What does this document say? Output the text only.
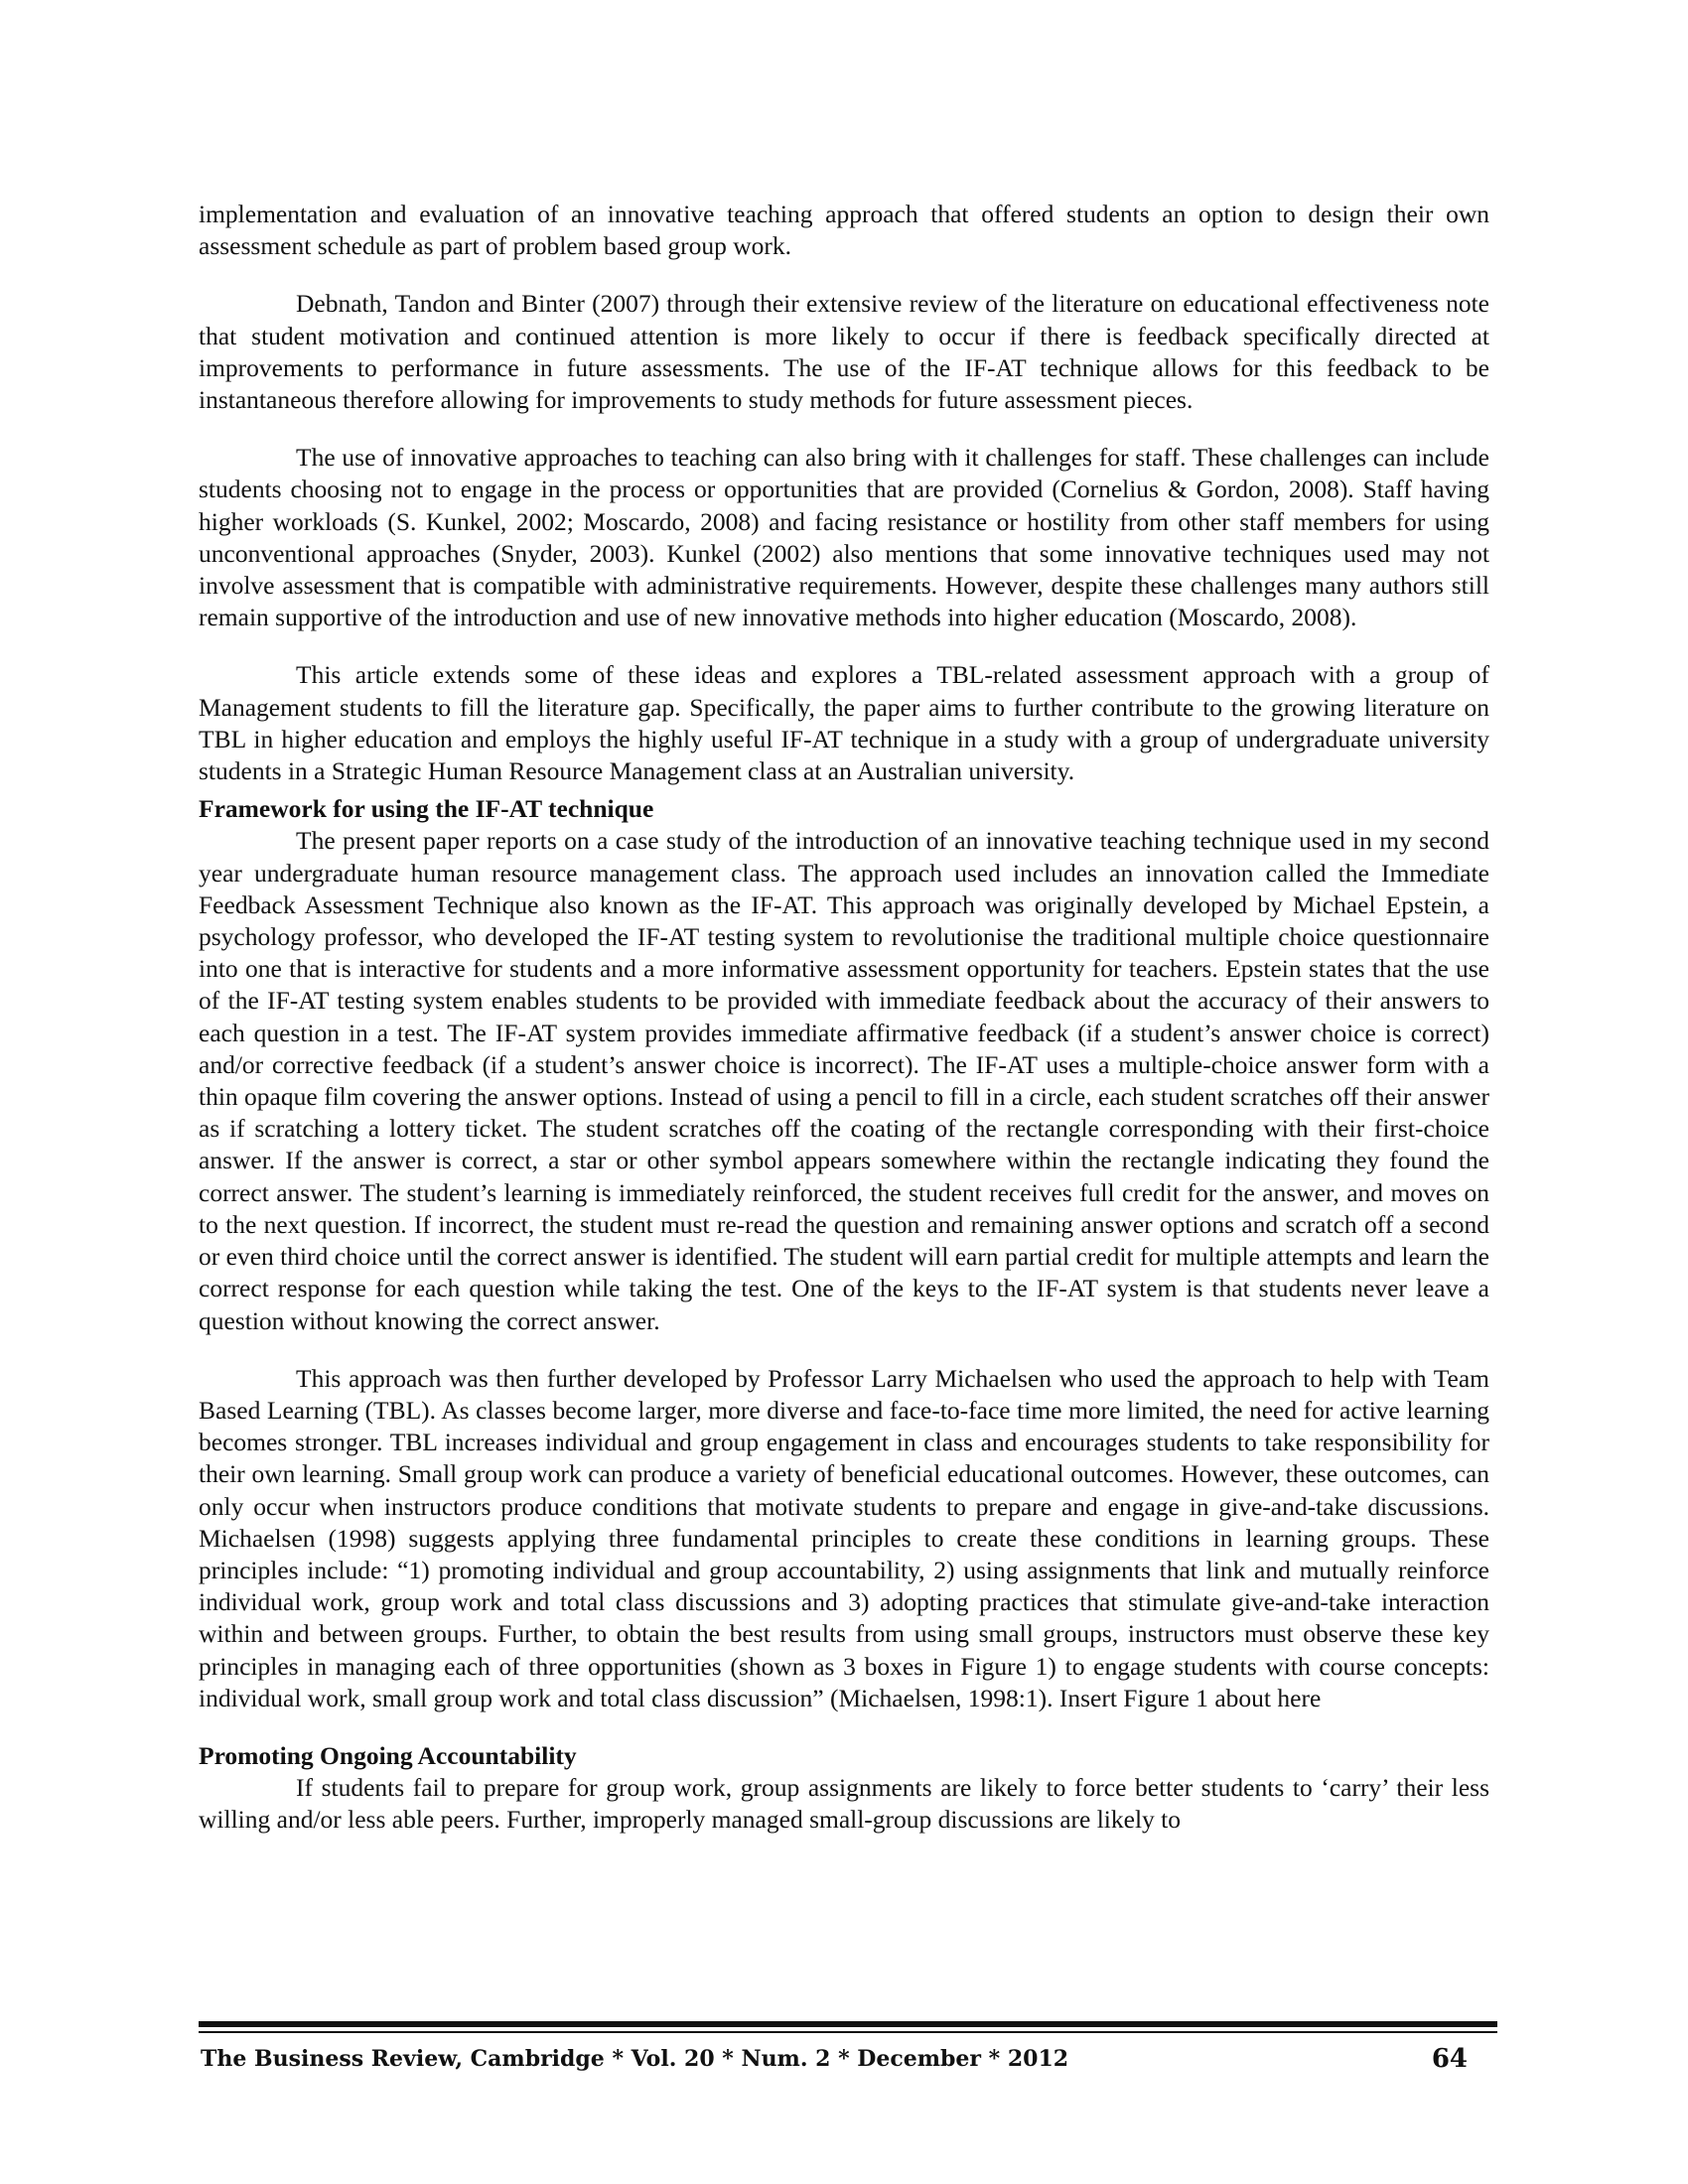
implementation and evaluation of an innovative teaching approach that offered students an option to design their own assessment schedule as part of problem based group work.

Debnath, Tandon and Binter (2007) through their extensive review of the literature on educational effectiveness note that student motivation and continued attention is more likely to occur if there is feedback specifically directed at improvements to performance in future assessments. The use of the IF-AT technique allows for this feedback to be instantaneous therefore allowing for improvements to study methods for future assessment pieces.

The use of innovative approaches to teaching can also bring with it challenges for staff. These challenges can include students choosing not to engage in the process or opportunities that are provided (Cornelius & Gordon, 2008). Staff having higher workloads (S. Kunkel, 2002; Moscardo, 2008) and facing resistance or hostility from other staff members for using unconventional approaches (Snyder, 2003). Kunkel (2002) also mentions that some innovative techniques used may not involve assessment that is compatible with administrative requirements. However, despite these challenges many authors still remain supportive of the introduction and use of new innovative methods into higher education (Moscardo, 2008).

This article extends some of these ideas and explores a TBL-related assessment approach with a group of Management students to fill the literature gap. Specifically, the paper aims to further contribute to the growing literature on TBL in higher education and employs the highly useful IF-AT technique in a study with a group of undergraduate university students in a Strategic Human Resource Management class at an Australian university.

Framework for using the IF-AT technique

The present paper reports on a case study of the introduction of an innovative teaching technique used in my second year undergraduate human resource management class. The approach used includes an innovation called the Immediate Feedback Assessment Technique also known as the IF-AT. This approach was originally developed by Michael Epstein, a psychology professor, who developed the IF-AT testing system to revolutionise the traditional multiple choice questionnaire into one that is interactive for students and a more informative assessment opportunity for teachers. Epstein states that the use of the IF-AT testing system enables students to be provided with immediate feedback about the accuracy of their answers to each question in a test. The IF-AT system provides immediate affirmative feedback (if a student’s answer choice is correct) and/or corrective feedback (if a student’s answer choice is incorrect). The IF-AT uses a multiple-choice answer form with a thin opaque film covering the answer options. Instead of using a pencil to fill in a circle, each student scratches off their answer as if scratching a lottery ticket. The student scratches off the coating of the rectangle corresponding with their first-choice answer. If the answer is correct, a star or other symbol appears somewhere within the rectangle indicating they found the correct answer. The student’s learning is immediately reinforced, the student receives full credit for the answer, and moves on to the next question. If incorrect, the student must re-read the question and remaining answer options and scratch off a second or even third choice until the correct answer is identified. The student will earn partial credit for multiple attempts and learn the correct response for each question while taking the test. One of the keys to the IF-AT system is that students never leave a question without knowing the correct answer.

This approach was then further developed by Professor Larry Michaelsen who used the approach to help with Team Based Learning (TBL). As classes become larger, more diverse and face-to-face time more limited, the need for active learning becomes stronger. TBL increases individual and group engagement in class and encourages students to take responsibility for their own learning. Small group work can produce a variety of beneficial educational outcomes. However, these outcomes, can only occur when instructors produce conditions that motivate students to prepare and engage in give-and-take discussions. Michaelsen (1998) suggests applying three fundamental principles to create these conditions in learning groups. These principles include: “1) promoting individual and group accountability, 2) using assignments that link and mutually reinforce individual work, group work and total class discussions and 3) adopting practices that stimulate give-and-take interaction within and between groups. Further, to obtain the best results from using small groups, instructors must observe these key principles in managing each of three opportunities (shown as 3 boxes in Figure 1) to engage students with course concepts: individual work, small group work and total class discussion” (Michaelsen, 1998:1). Insert Figure 1 about here

Promoting Ongoing Accountability

If students fail to prepare for group work, group assignments are likely to force better students to ‘carry’ their less willing and/or less able peers. Further, improperly managed small-group discussions are likely to

The Business Review, Cambridge * Vol. 20 * Num. 2 * December * 2012	64
